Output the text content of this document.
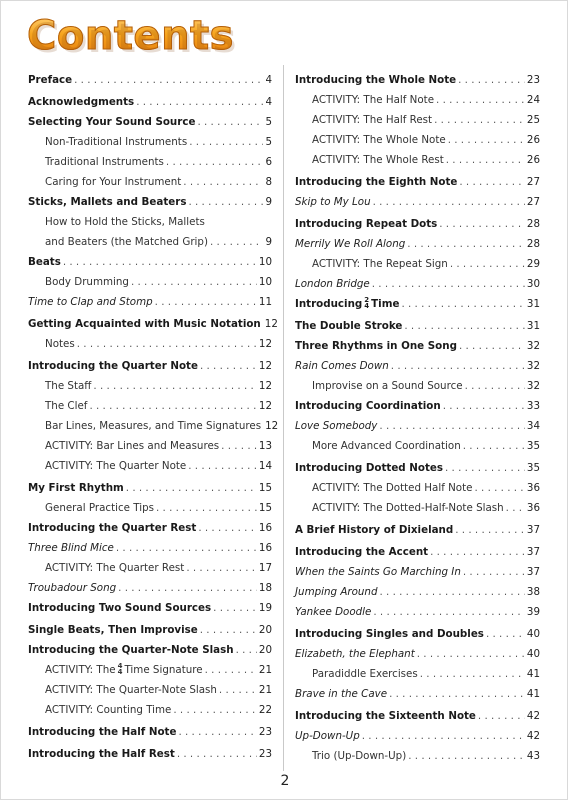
Contents
Preface . . .	4
Acknowledgments . . .	4
Selecting Your Sound Source . . .	5
Non-Traditional Instruments . . .	5
Traditional Instruments . . .	6
Caring for Your Instrument . . .	8
Sticks, Mallets and Beaters . . .	9
How to Hold the Sticks, Mallets
and Beaters (the Matched Grip) . . .	9
Beats . . .	10
Body Drumming . . .	10
Time to Clap and Stomp . . .	11
Getting Acquainted with Music Notation 12
Notes . . .	12
Introducing the Quarter Note . . .	12
The Staff . . .	12
The Clef . . .	12
Bar Lines, Measures, and Time Signatures 12
ACTIVITY: Bar Lines and Measures . . .	13
ACTIVITY: The Quarter Note . . .	14
My First Rhythm . . .	15
General Practice Tips . . .	15
Introducing the Quarter Rest . . .	16
Three Blind Mice . . .	16
ACTIVITY: The Quarter Rest . . .	17
Troubadour Song . . .	18
Introducing Two Sound Sources . . .	19
Single Beats, Then Improvise . . .	20
Introducing the Quarter-Note Slash . . . 20
ACTIVITY: The 4
4 Time Signature . . .	21
ACTIVITY: The Quarter-Note Slash . . .	21
ACTIVITY: Counting Time . . .	22
Introducing the Half Note . . .	23
Introducing the Half Rest . . .	23
Introducing the Whole Note . . .	23
ACTIVITY: The Half Note . . .	24
ACTIVITY: The Half Rest . . .	25
ACTIVITY: The Whole Note . . .	26
ACTIVITY: The Whole Rest . . .	26
Introducing the Eighth Note . . .	27
Skip to My Lou . . .	27
Introducing Repeat Dots . . .	28
Merrily We Roll Along . . .	28
ACTIVITY: The Repeat Sign . . .	29
London Bridge . . .	30
Introducing 2
4 Time . . .	31
The Double Stroke . . .	31
Three Rhythms in One Song . . .	32
Rain Comes Down . . .	32
Improvise on a Sound Source . . .	32
Introducing Coordination . . .	33
Love Somebody . . .	34
More Advanced Coordination . . .	35
Introducing Dotted Notes . . .	35
ACTIVITY: The Dotted Half Note . . .	36
ACTIVITY: The Dotted-Half-Note Slash . . . 36
A Brief History of Dixieland . . .	37
Introducing the Accent . . .	37
When the Saints Go Marching In . . .	37
Jumping Around . . .	38
Yankee Doodle . . .	39
Introducing Singles and Doubles . . .	40
Elizabeth, the Elephant . . .	40
Paradiddle Exercises . . .	41
Brave in the Cave . . .	41
Introducing the Sixteenth Note . . .	42
Up-Down-Up . . .	42
Trio (Up-Down-Up) . . .	43
2
